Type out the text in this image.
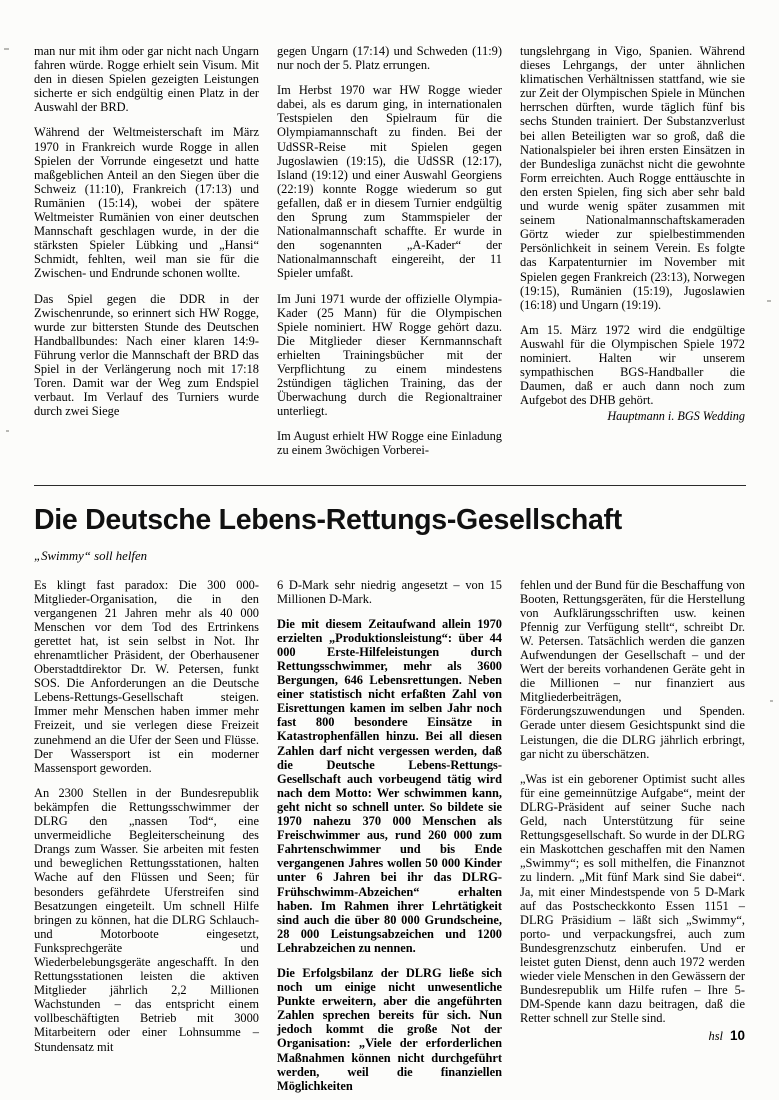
man nur mit ihm oder gar nicht nach Ungarn fahren würde. Rogge erhielt sein Visum. Mit den in diesen Spielen gezeigten Leistungen sicherte er sich endgültig einen Platz in der Auswahl der BRD.

Während der Weltmeisterschaft im März 1970 in Frankreich wurde Rogge in allen Spielen der Vorrunde eingesetzt und hatte maßgeblichen Anteil an den Siegen über die Schweiz (11:10), Frankreich (17:13) und Rumänien (15:14), wobei der spätere Weltmeister Rumänien von einer deutschen Mannschaft geschlagen wurde, in der die stärksten Spieler Lübking und „Hansi“ Schmidt, fehlten, weil man sie für die Zwischen- und Endrunde schonen wollte.

Das Spiel gegen die DDR in der Zwischenrunde, so erinnert sich HW Rogge, wurde zur bittersten Stunde des Deutschen Handballbundes: Nach einer klaren 14:9-Führung verlor die Mannschaft der BRD das Spiel in der Verlängerung noch mit 17:18 Toren. Damit war der Weg zum Endspiel verbaut. Im Verlauf des Turniers wurde durch zwei Siege

gegen Ungarn (17:14) und Schweden (11:9) nur noch der 5. Platz errungen.

Im Herbst 1970 war HW Rogge wieder dabei, als es darum ging, in internationalen Testspielen den Spielraum für die Olympiamannschaft zu finden. Bei der UdSSR-Reise mit Spielen gegen Jugoslawien (19:15), die UdSSR (12:17), Island (19:12) und einer Auswahl Georgiens (22:19) konnte Rogge wiederum so gut gefallen, daß er in diesem Turnier endgültig den Sprung zum Stammspieler der Nationalmannschaft schaffte. Er wurde in den sogenannten „A-Kader“ der Nationalmannschaft eingereiht, der 11 Spieler umfaßt.

Im Juni 1971 wurde der offizielle Olympia-Kader (25 Mann) für die Olympischen Spiele nominiert. HW Rogge gehört dazu. Die Mitglieder dieser Kernmannschaft erhielten Trainingsbücher mit der Verpflichtung zu einem mindestens 2stündigen täglichen Training, das der Überwachung durch die Regionaltrainer unterliegt.

Im August erhielt HW Rogge eine Einladung zu einem 3wöchigen Vorberei-

tungslehrgang in Vigo, Spanien. Während dieses Lehrgangs, der unter ähnlichen klimatischen Verhältnissen stattfand, wie sie zur Zeit der Olympischen Spiele in München herrschen dürften, wurde täglich fünf bis sechs Stunden trainiert. Der Substanzverlust bei allen Beteiligten war so groß, daß die Nationalspieler bei ihren ersten Einsätzen in der Bundesliga zunächst nicht die gewohnte Form erreichten. Auch Rogge enttäuschte in den ersten Spielen, fing sich aber sehr bald und wurde wenig später zusammen mit seinem Nationalmannschaftskameraden Görtz wieder zur spielbestimmenden Persönlichkeit in seinem Verein. Es folgte das Karpatenturnier im November mit Spielen gegen Frankreich (23:13), Norwegen (19:15), Rumänien (15:19), Jugoslawien (16:18) und Ungarn (19:19).

Am 15. März 1972 wird die endgültige Auswahl für die Olympischen Spiele 1972 nominiert. Halten wir unserem sympathischen BGS-Handballer die Daumen, daß er auch dann noch zum Aufgebot des DHB gehört.

Hauptmann i. BGS Wedding
Die Deutsche Lebens-Rettungs-Gesellschaft
„Swimmy“ soll helfen

Es klingt fast paradox: Die 300 000-Mitglieder-Organisation, die in den vergangenen 21 Jahren mehr als 40 000 Menschen vor dem Tod des Ertrinkens gerettet hat, ist sein selbst in Not. Ihr ehrenamtlicher Präsident, der Oberhausener Oberstadtdirektor Dr. W. Petersen, funkt SOS. Die Anforderungen an die Deutsche Lebens-Rettungs-Gesellschaft steigen. Immer mehr Menschen haben immer mehr Freizeit, und sie verlegen diese Freizeit zunehmend an die Ufer der Seen und Flüsse. Der Wassersport ist ein moderner Massensport geworden.

An 2300 Stellen in der Bundesrepublik bekämpfen die Rettungsschwimmer der DLRG den „nassen Tod“, eine unvermeidliche Begleiterscheinung des Drangs zum Wasser. Sie arbeiten mit festen und beweglichen Rettungsstationen, halten Wache auf den Flüssen und Seen; für besonders gefährdete Uferstreifen sind Besatzungen eingeteilt. Um schnell Hilfe bringen zu können, hat die DLRG Schlauch- und Motorboote eingesetzt, Funksprechgeräte und Wiederbelebungsgeräte angeschafft. In den Rettungsstationen leisten die aktiven Mitglieder jährlich 2,2 Millionen Wachstunden – das entspricht einem vollbeschäftigten Betrieb mit 3000 Mitarbeitern oder einer Lohnsumme – Stundensatz mit

6 D-Mark sehr niedrig angesetzt – von 15 Millionen D-Mark.

Die mit diesem Zeitaufwand allein 1970 erzielten „Produktionsleistung“: über 44 000 Erste-Hilfeleistungen durch Rettungsschwimmer, mehr als 3600 Bergungen, 646 Lebensrettungen. Neben einer statistisch nicht erfaßten Zahl von Eisrettungen kamen im selben Jahr noch fast 800 besondere Einsätze in Katastrophenfällen hinzu. Bei all diesen Zahlen darf nicht vergessen werden, daß die Deutsche Lebens-Rettungs-Gesellschaft auch vorbeugend tätig wird nach dem Motto: Wer schwimmen kann, geht nicht so schnell unter. So bildete sie 1970 nahezu 370 000 Menschen als Freischwimmer aus, rund 260 000 zum Fahrtenschwimmer und bis Ende vergangenen Jahres wollen 50 000 Kinder unter 6 Jahren bei ihr das DLRG-Frühschwimm-Abzeichen“ erhalten haben. Im Rahmen ihrer Lehrtätigkeit sind auch die über 80 000 Grundscheine, 28 000 Leistungsabzeichen und 1200 Lehrabzeichen zu nennen.

Die Erfolgsbilanz der DLRG ließe sich noch um einige nicht unwesentliche Punkte erweitern, aber die angeführten Zahlen sprechen bereits für sich. Nun jedoch kommt die große Not der Organisation: „Viele der erforderlichen Maßnahmen können nicht durchgeführt werden, weil die finanziellen Möglichkeiten

fehlen und der Bund für die Beschaffung von Booten, Rettungsgeräten, für die Herstellung von Aufklärungsschriften usw. keinen Pfennig zur Verfügung stellt“, schreibt Dr. W. Petersen. Tatsächlich werden die ganzen Aufwendungen der Gesellschaft – und der Wert der bereits vorhandenen Geräte geht in die Millionen – nur finanziert aus Mitgliederbeiträgen, Förderungszuwendungen und Spenden. Gerade unter diesem Gesichtspunkt sind die Leistungen, die die DLRG jährlich erbringt, gar nicht zu überschätzen.

„Was ist ein geborener Optimist sucht alles für eine gemeinnützige Aufgabe“, meint der DLRG-Präsident auf seiner Suche nach Geld, nach Unterstützung für seine Rettungsgesellschaft. So wurde in der DLRG ein Maskottchen geschaffen mit den Namen „Swimmy“; es soll mithelfen, die Finanznot zu lindern. „Mit fünf Mark sind Sie dabei“. Ja, mit einer Mindestspende von 5 D-Mark auf das Postscheckkonto Essen 1151 – DLRG Präsidium – läßt sich „Swimmy“, porto- und verpackungsfrei, auch zum Bundesgrenzschutz einberufen. Und er leistet guten Dienst, denn auch 1972 werden wieder viele Menschen in den Gewässern der Bundesrepublik um Hilfe rufen – Ihre 5-DM-Spende kann dazu beitragen, daß die Retter schnell zur Stelle sind.

hsl 10
